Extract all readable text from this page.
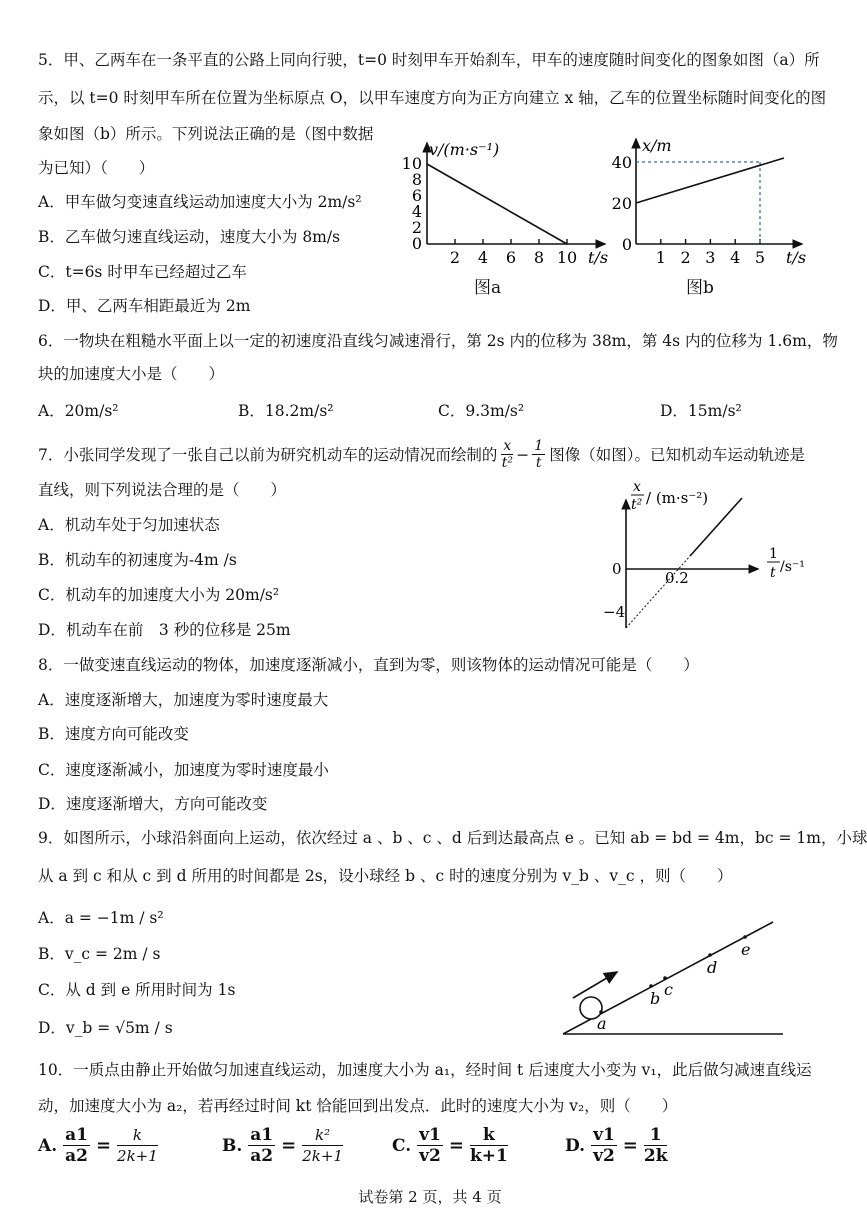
5．甲、乙两车在一条平直的公路上同向行驶，t=0 时刻甲车开始刹车，甲车的速度随时间变化的图象如图（a）所
示，以 t=0 时刻甲车所在位置为坐标原点 O，以甲车速度方向为正方向建立 x 轴，乙车的位置坐标随时间变化的图
象如图（b）所示。下列说法正确的是（图中数据
为已知）（　　）
A．甲车做匀变速直线运动加速度大小为 2m/s²
B．乙车做匀速直线运动，速度大小为 8m/s
C．t=6s 时甲车已经超过乙车
D．甲、乙两车相距最近为 2m
v/(m·s⁻¹)
10
8
6
4
2
0
2 4 6 8 10 t/s
图a
x/m
40
20
0
1 2 3 4 5 t/s
图b
6．一物块在粗糙水平面上以一定的初速度沿直线匀减速滑行，第 2s 内的位移为 38m，第 4s 内的位移为 1.6m，物
块的加速度大小是（　　）
A．20m/s²	B．18.2m/s²	C．9.3m/s²	D．15m/s²
7．小张同学发现了一张自己以前为研究机动车的运动情况而绘制的 $\frac{x}{\text{t²}} - \frac{1}{t}$ 图像（如图）。已知机动车运动轨迹是
直线，则下列说法合理的是（　　）
A．机动车处于匀加速状态
B．机动车的初速度为-4m /s
C．机动车的加速度大小为 20m/s²
D．机动车在前　3 秒的位移是 25m
x
t² / (m·s⁻²)
1
t /s⁻¹
0	0.2
−4
8．一做变速直线运动的物体，加速度逐渐减小，直到为零，则该物体的运动情况可能是（　　）
A．速度逐渐增大，加速度为零时速度最大
B．速度方向可能改变
C．速度逐渐减小，加速度为零时速度最小
D．速度逐渐增大，方向可能改变
9．如图所示，小球沿斜面向上运动，依次经过 a 、b 、c 、d 后到达最高点 e 。已知 ab = bd = 4m，bc = 1m，小球
从 a 到 c 和从 c 到 d 所用的时间都是 2s，设小球经 b 、c 时的速度分别为 v_b 、v_c ，则（　　）
A．a = −1m / s²
B．v_c = 2m / s
C．从 d 到 e 所用时间为 1s
D．v_b = √5m / s	a
b c
d
e
10．一质点由静止开始做匀加速直线运动，加速度大小为 a₁，经时间 t 后速度大小变为 v₁，此后做匀减速直线运
动，加速度大小为 a₂，若再经过时间 kt 恰能回到出发点．此时的速度大小为 v₂，则（　　）
A. $\frac{a1}{a2} = \frac{k}{2k+1}$	B. $\frac{a1}{a2} = \frac{\text{k²}}{2k+1}$	C. $\frac{v1}{v2} = \frac{k}{k+1}$	D. $\frac{v1}{v2} = \frac{1}{2k}$
试卷第 2 页，共 4 页
